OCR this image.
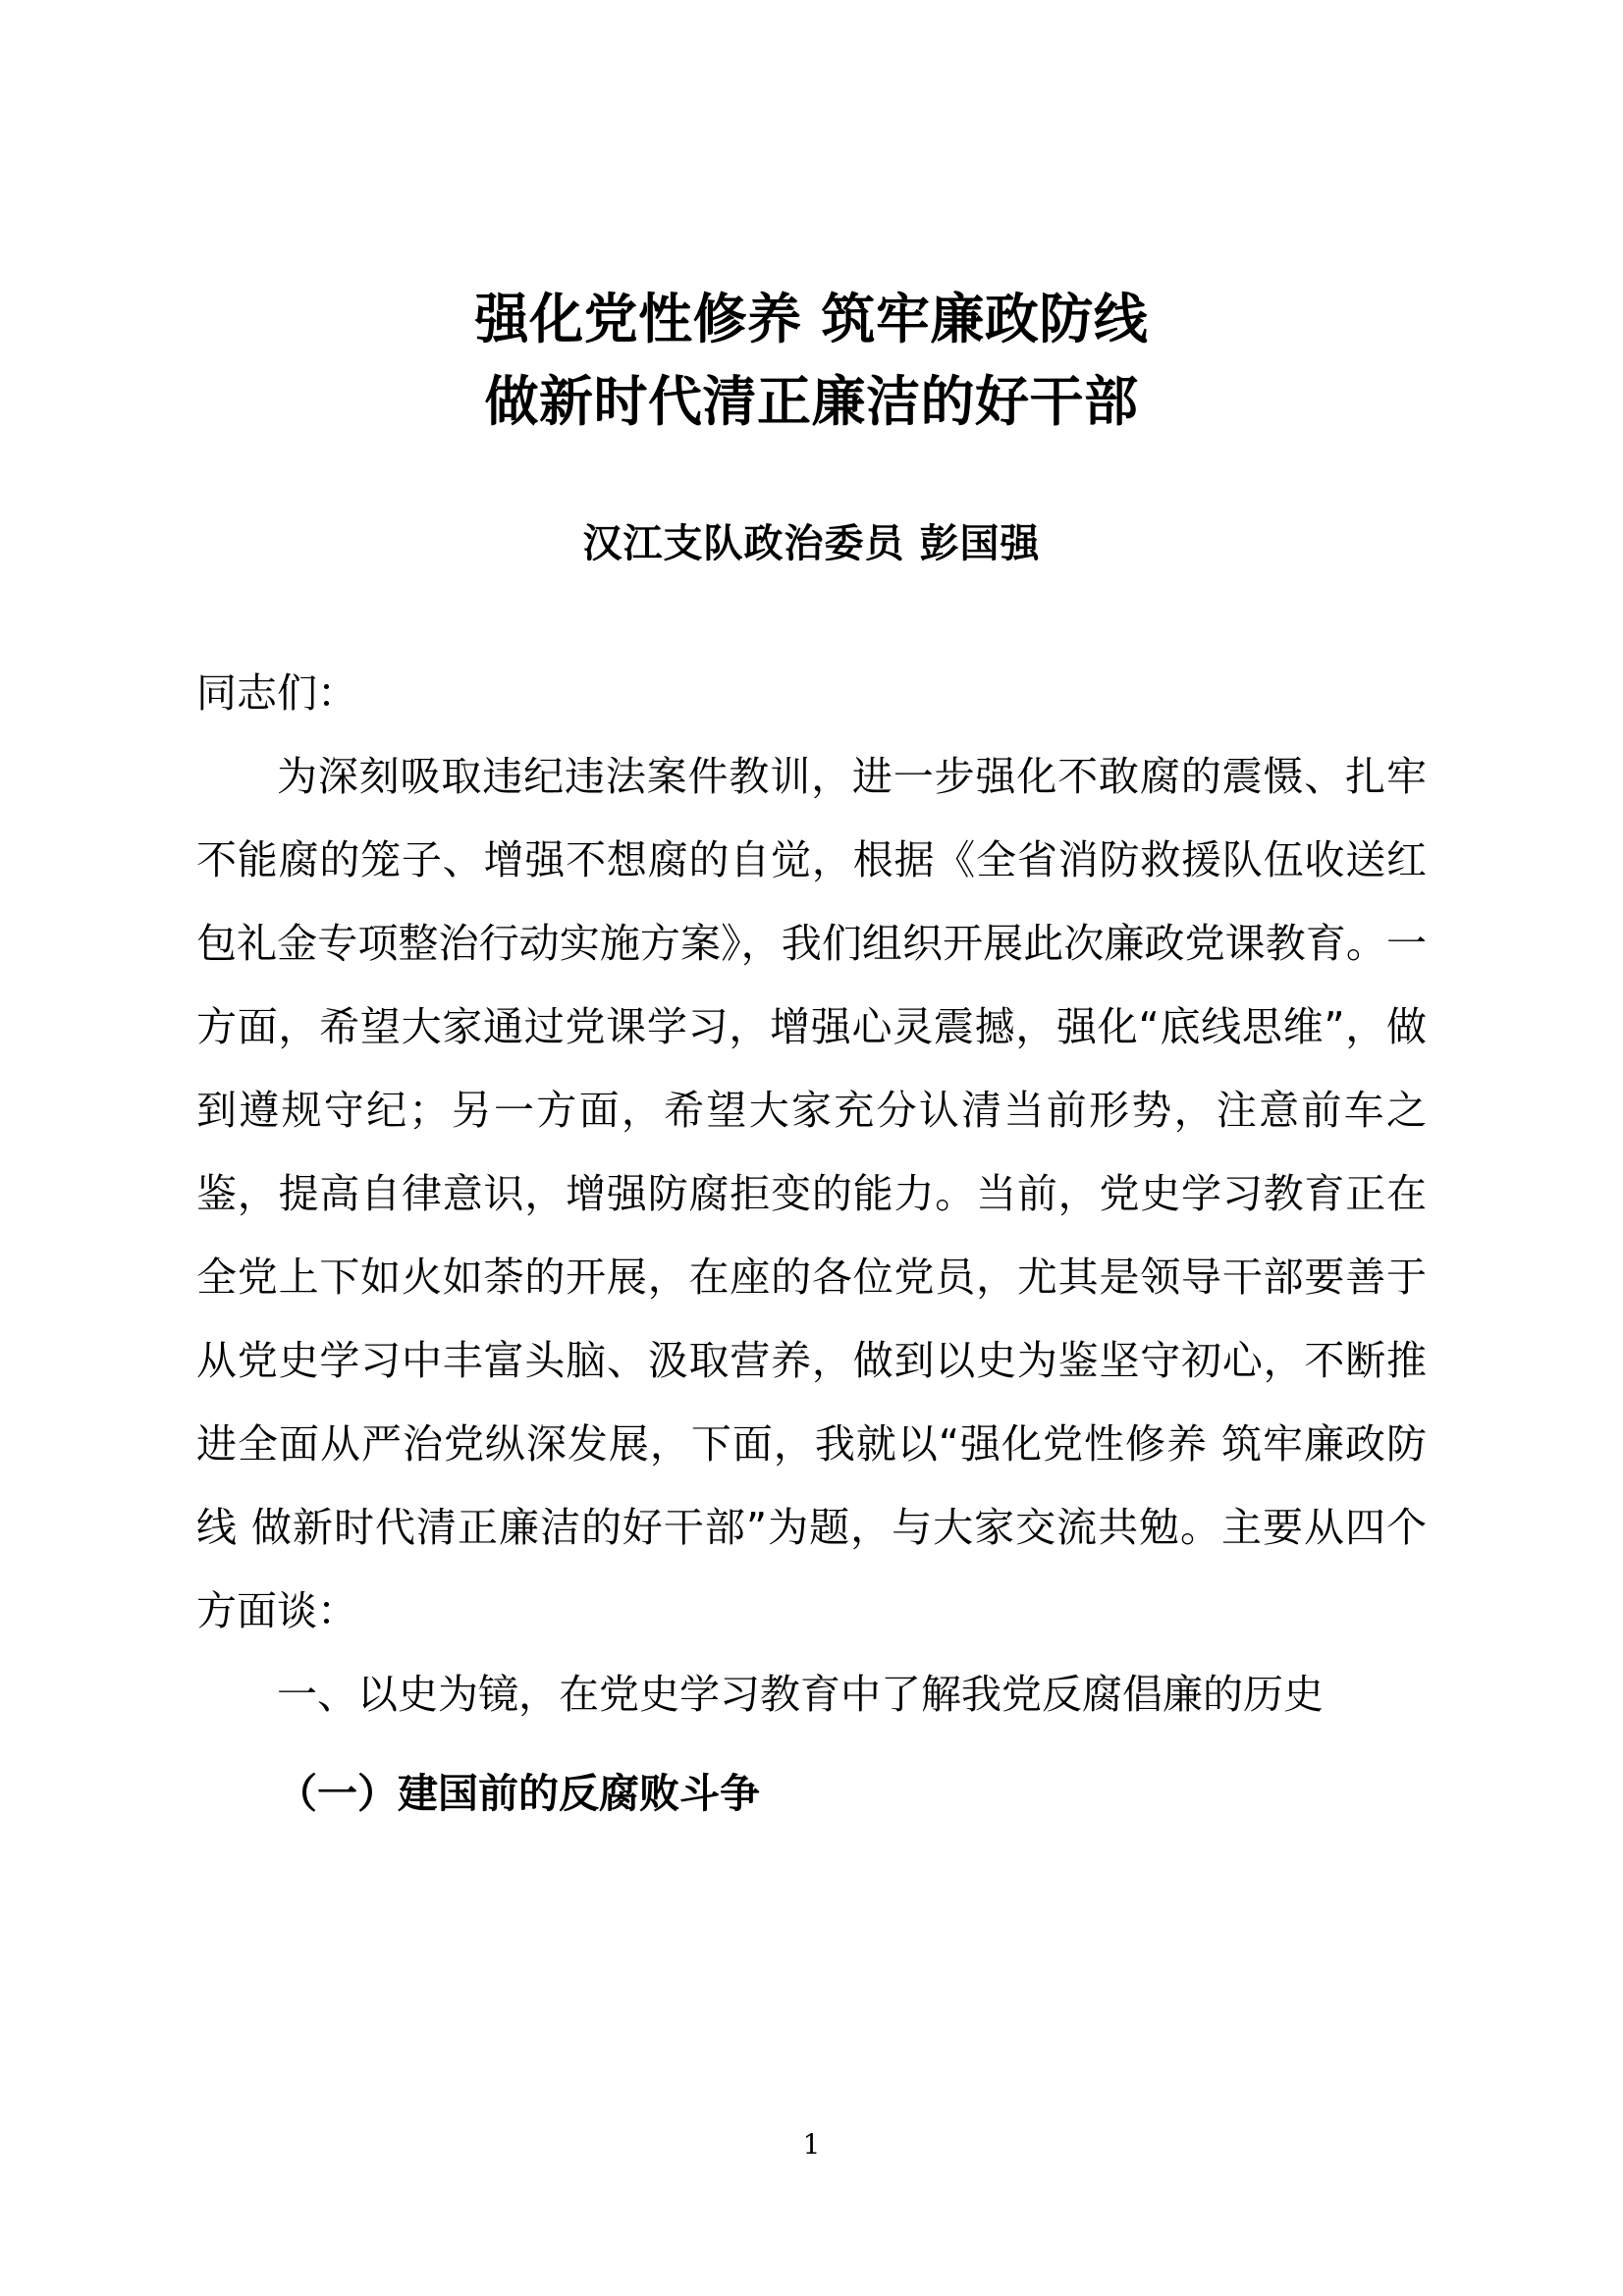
强化党性修养 筑牢廉政防线
做新时代清正廉洁的好干部
汉江支队政治委员 彭国强

同志们：

为深刻吸取违纪违法案件教训，进一步强化不敢腐的震慑、扎牢不能腐的笼子、增强不想腐的自觉，根据《全省消防救援队伍收送红包礼金专项整治行动实施方案》，我们组织开展此次廉政党课教育。一方面，希望大家通过党课学习，增强心灵震撼，强化“底线思维”，做到遵规守纪；另一方面，希望大家充分认清当前形势，注意前车之鉴，提高自律意识，增强防腐拒变的能力。当前，党史学习教育正在全党上下如火如荼的开展，在座的各位党员，尤其是领导干部要善于从党史学习中丰富头脑、汲取营养，做到以史为鉴坚守初心，不断推进全面从严治党纵深发展，下面，我就以“强化党性修养 筑牢廉政防线 做新时代清正廉洁的好干部”为题，与大家交流共勉。主要从四个方面谈：

一、以史为镜，在党史学习教育中了解我党反腐倡廉的历史

（一）建国前的反腐败斗争

1
